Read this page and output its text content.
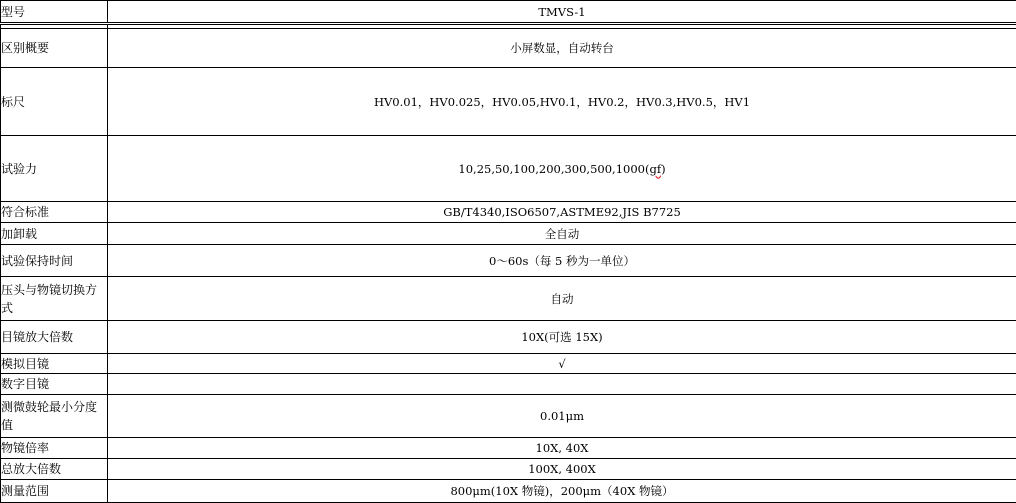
型号	TMVS-1

区别概要	小屏数显，自动转台
标尺	HV0.01，HV0.025，HV0.05,HV0.1，HV0.2，HV0.3,HV0.5，HV1
试验力	10,25,50,100,200,300,500,1000(gf)
符合标准	GB/T4340,ISO6507,ASTME92,JIS B7725
加卸载	全自动
试验保持时间	0～60s（每 5 秒为一单位）
压头与物镜切换方式	自动
目镜放大倍数	10X(可选 15X)
模拟目镜	√
数字目镜	
测微鼓轮最小分度值	0.01μm
物镜倍率	10X, 40X
总放大倍数	100X, 400X
测量范围	800μm(10X 物镜)，200μm（40X 物镜）
